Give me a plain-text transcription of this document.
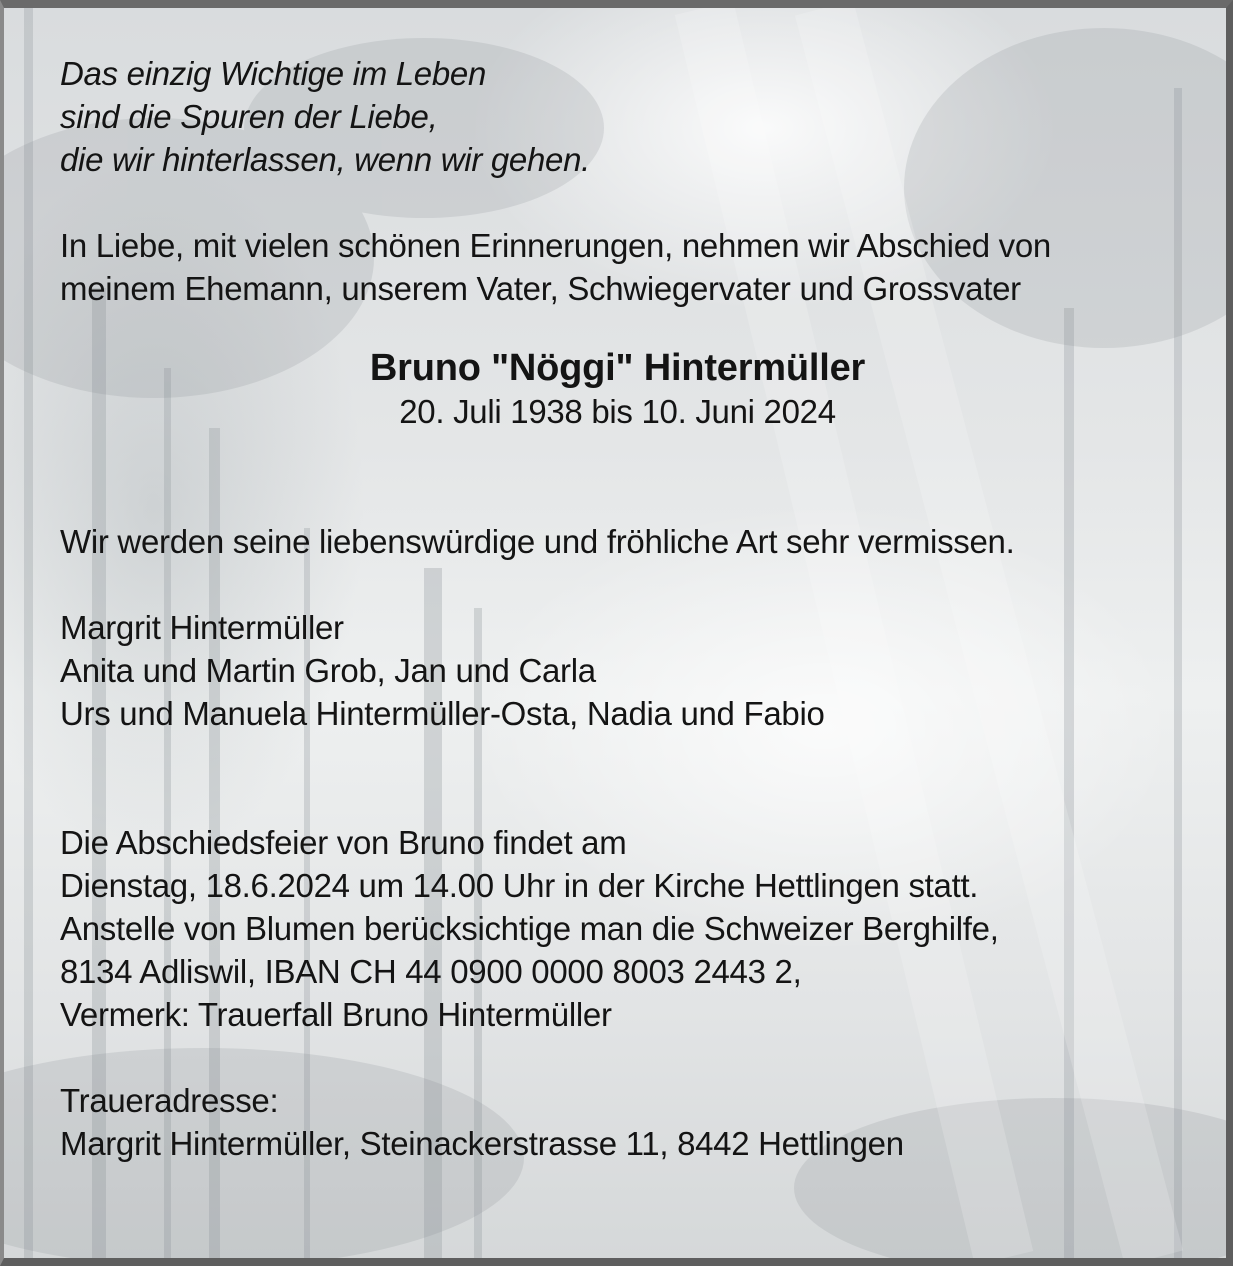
Das einzig Wichtige im Leben
sind die Spuren der Liebe,
die wir hinterlassen, wenn wir gehen.
In Liebe, mit vielen schönen Erinnerungen, nehmen wir Abschied von
meinem Ehemann, unserem Vater, Schwiegervater und Grossvater
Bruno "Nöggi" Hintermüller
20. Juli 1938 bis 10. Juni 2024
Wir werden seine liebenswürdige und fröhliche Art sehr vermissen.
Margrit Hintermüller
Anita und Martin Grob, Jan und Carla
Urs und Manuela Hintermüller-Osta, Nadia und Fabio
Die Abschiedsfeier von Bruno findet am
Dienstag, 18.6.2024 um 14.00 Uhr in der Kirche Hettlingen statt.
Anstelle von Blumen berücksichtige man die Schweizer Berghilfe,
8134 Adliswil, IBAN CH 44 0900 0000 8003 2443 2,
Vermerk: Trauerfall Bruno Hintermüller
Traueradresse:
Margrit Hintermüller, Steinackerstrasse 11, 8442 Hettlingen
